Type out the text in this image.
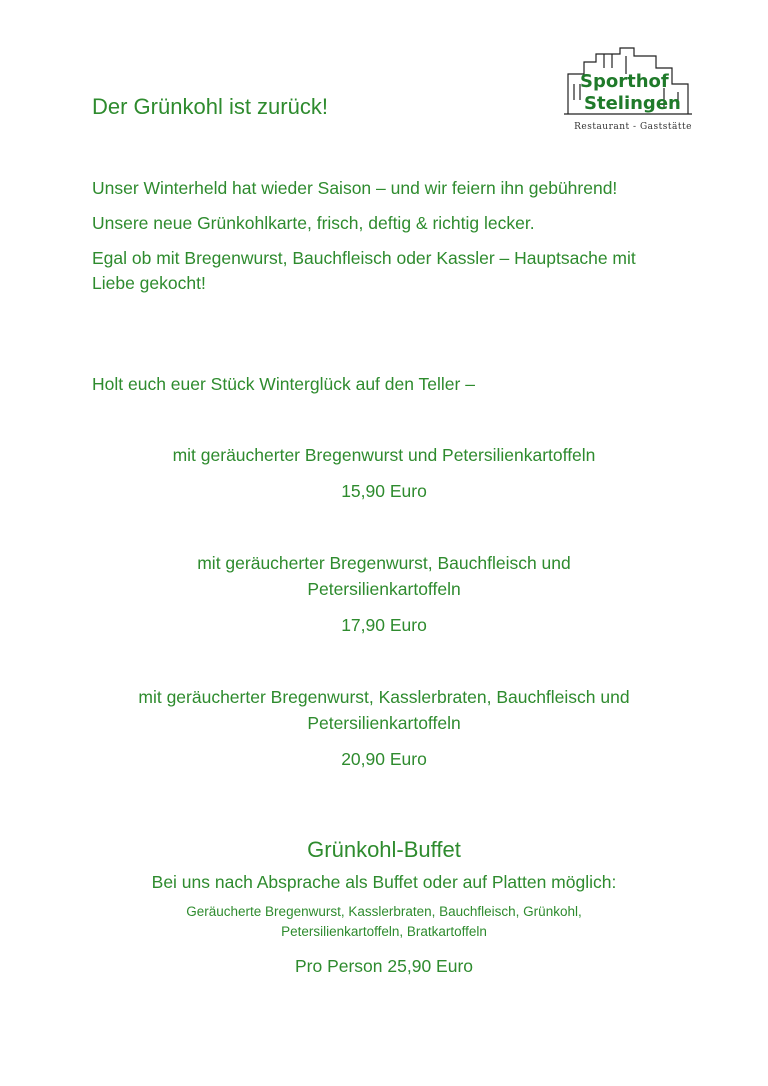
Der Grünkohl ist zurück!
Sporthof
Stelingen
Restaurant - Gaststätte

Unser Winterheld hat wieder Saison – und wir feiern ihn gebührend!

Unsere neue Grünkohlkarte, frisch, deftig & richtig lecker.

Egal ob mit Bregenwurst, Bauchfleisch oder Kassler – Hauptsache mit Liebe gekocht!

Holt euch euer Stück Winterglück auf den Teller –

mit geräucherter Bregenwurst und Petersilienkartoffeln

15,90 Euro

mit geräucherter Bregenwurst, Bauchfleisch und Petersilienkartoffeln

17,90 Euro

mit geräucherter Bregenwurst, Kasslerbraten, Bauchfleisch und Petersilienkartoffeln

20,90 Euro

Grünkohl-Buffet

Bei uns nach Absprache als Buffet oder auf Platten möglich:

Geräucherte Bregenwurst, Kasslerbraten, Bauchfleisch, Grünkohl, Petersilienkartoffeln, Bratkartoffeln

Pro Person 25,90 Euro
